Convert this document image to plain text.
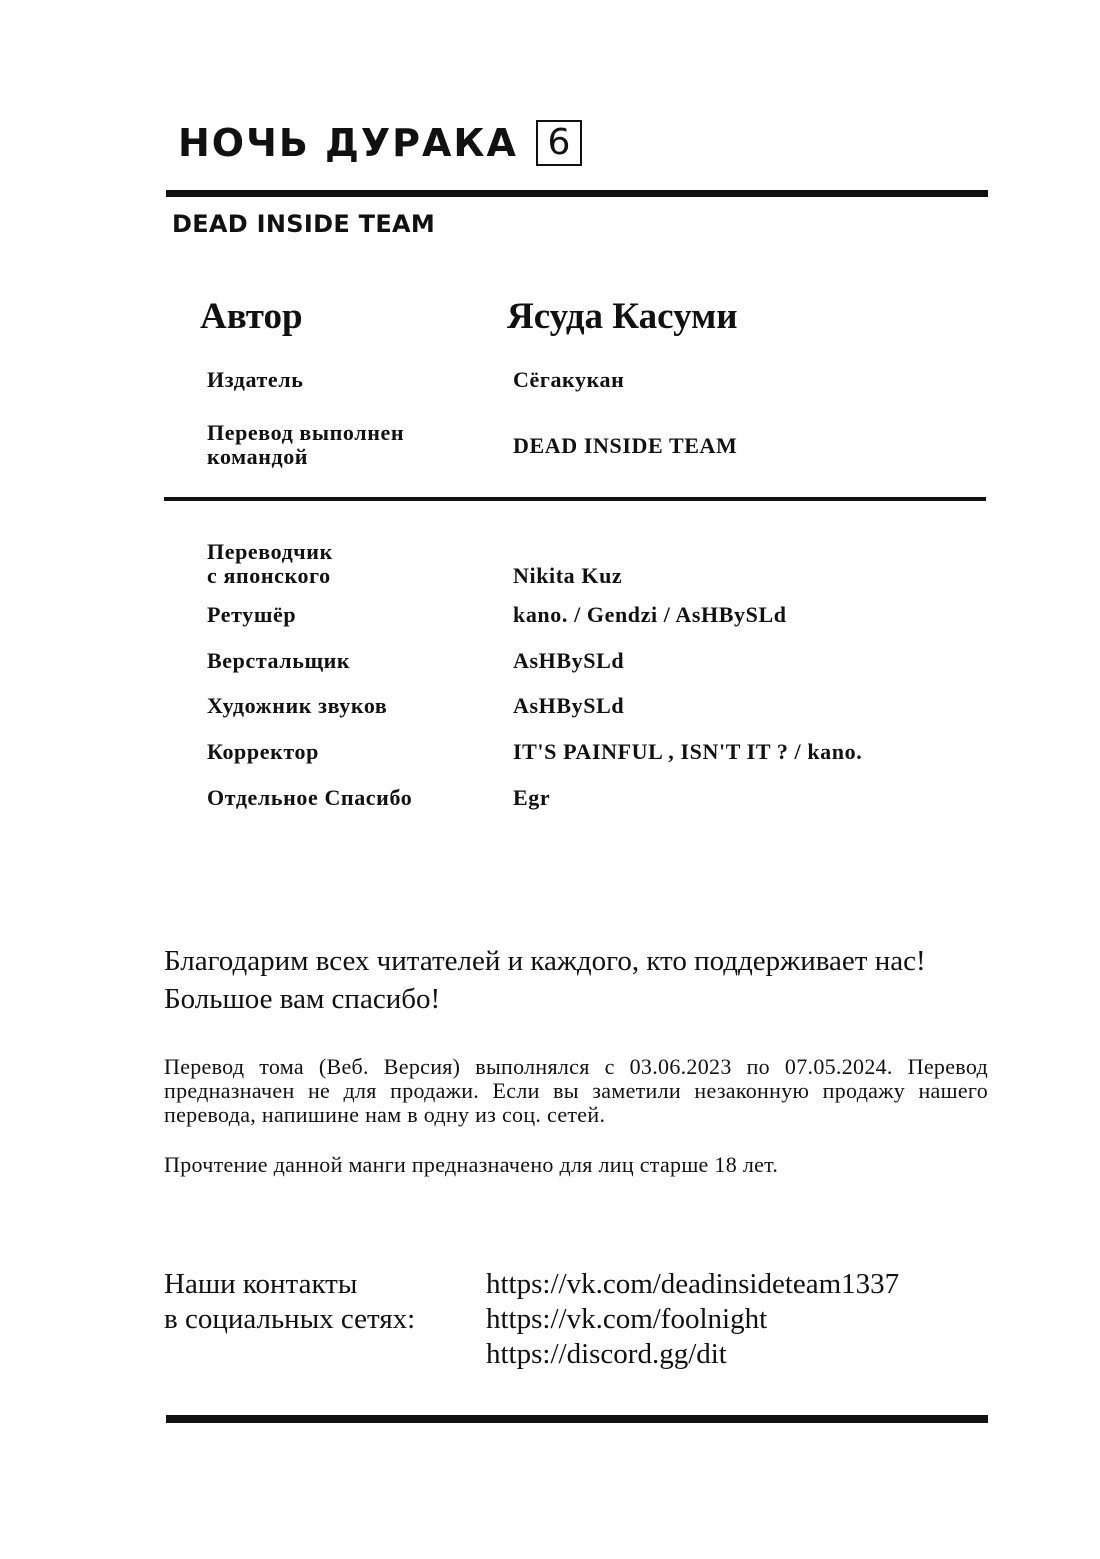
НОЧЬ ДУРАКА 6
DEAD INSIDE TEAM
Автор	Ясуда Касуми
Издатель	Сёгакукан
Перевод выполнен
командой	DEAD INSIDE TEAM
Переводчик
с японского	Nikita Kuz
Ретушёр	kano. / Gendzi / AsHBySLd
Верстальщик	AsHBySLd
Художник звуков	AsHBySLd
Корректор	IT'S PAINFUL , ISN'T IT ? / kano.
Отдельное Спасибо	Egr
Благодарим всех читателей и каждого, кто поддерживает нас!
Большое вам спасибо!

Перевод тома (Веб. Версия) выполнялся с 03.06.2023 по 07.05.2024. Перевод предназначен не для продажи. Если вы заметили незаконную продажу нашего перевода, напишине нам в одну из соц. сетей.

Прочтение данной манги предназначено для лиц старше 18 лет.

Наши контакты
в социальных сетях:
https://vk.com/deadinsideteam1337
https://vk.com/foolnight
https://discord.gg/dit
